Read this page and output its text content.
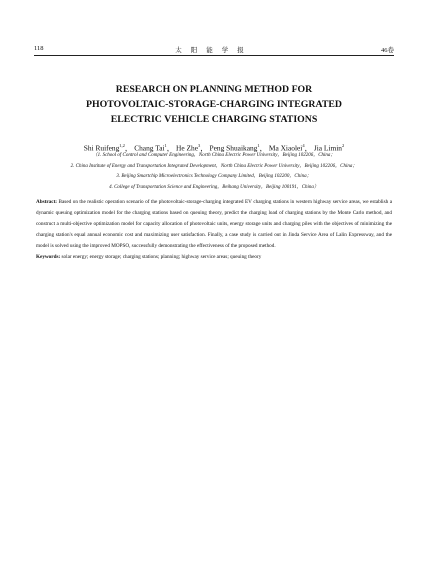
118	太阳能学报	46卷
RESEARCH ON PLANNING METHOD FOR
PHOTOVOLTAIC-STORAGE-CHARGING INTEGRATED
ELECTRIC VEHICLE CHARGING STATIONS
Shi Ruifeng$^{1,2}$， Chang Tai$^1$， He Zhe$^3$， Peng Shuaikang$^1$， Ma Xiaolei$^4$， Jia Limin$^2$
（1. School of Control and Computer Engineering，North China Electric Power University，Beijing 102206，China；
2. China Institute of Energy and Transportation Integrated Development，North China Electric Power University，Beijing 102206，China；
3. Beijing Smartchip Microelectronics Technology Company Limited，Beijing 102200，China；
4. College of Transportation Science and Engineering，Beihang University，Beijing 100191，China）
Abstract: Based on the realistic operation scenario of the photovoltaic-storage-charging integrated EV charging stations in western highway service areas, we establish a dynamic queuing optimization model for the charging stations based on queuing theory, predict the charging load of charging stations by the Monte Carlo method, and construct a multi-objective optimization model for capacity allocation of photovoltaic units, energy storage units and charging piles with the objectives of minimizing the charging station's equal annual economic cost and maximizing user satisfaction. Finally, a case study is carried out in Jinda Service Area of Lalin Expressway, and the model is solved using the improved MOPSO, successfully demonstrating the effectiveness of the proposed method.
Keywords: solar energy; energy storage; charging stations; planning; highway service areas; queuing theory
